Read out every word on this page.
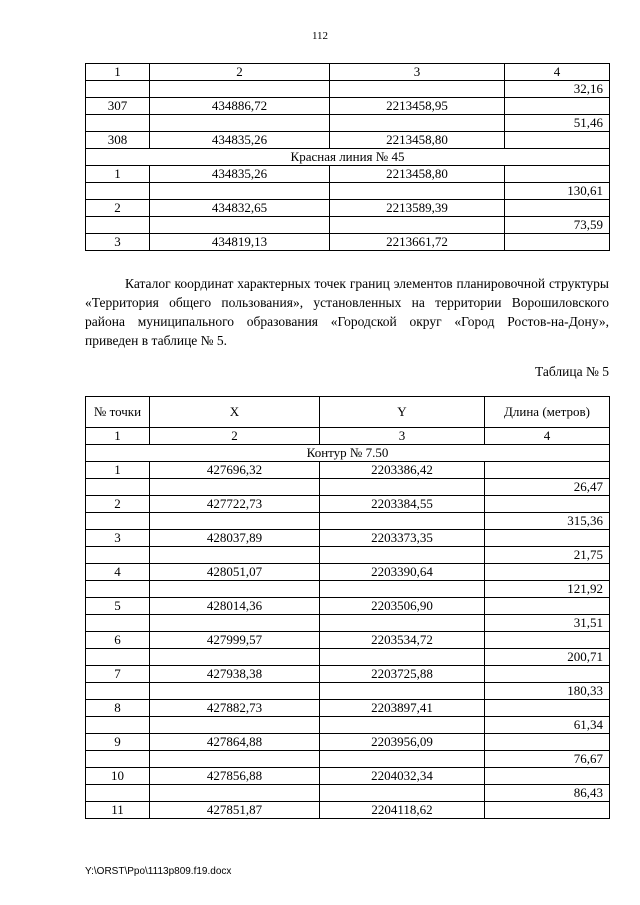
112
1	2	3	4
			32,16
307	434886,72	2213458,95	
			51,46
308	434835,26	2213458,80	
Красная линия № 45			
1	434835,26	2213458,80	
			130,61
2	434832,65	2213589,39	
			73,59
3	434819,13	2213661,72	
Каталог координат характерных точек границ элементов планировочной структуры «Территория общего пользования», установленных на территории Ворошиловского района муниципального образования «Городской округ «Город Ростов-на-Дону», приведен в таблице № 5.
Таблица № 5
№ точки	X	Y	Длина (метров)
1	2	3	4
Контур № 7.50			
1	427696,32	2203386,42	
			26,47
2	427722,73	2203384,55	
			315,36
3	428037,89	2203373,35	
			21,75
4	428051,07	2203390,64	
			121,92
5	428014,36	2203506,90	
			31,51
6	427999,57	2203534,72	
			200,71
7	427938,38	2203725,88	
			180,33
8	427882,73	2203897,41	
			61,34
9	427864,88	2203956,09	
			76,67
10	427856,88	2204032,34	
			86,43
11	427851,87	2204118,62	
Y:\ORST\Ppo\1113p809.f19.docx
